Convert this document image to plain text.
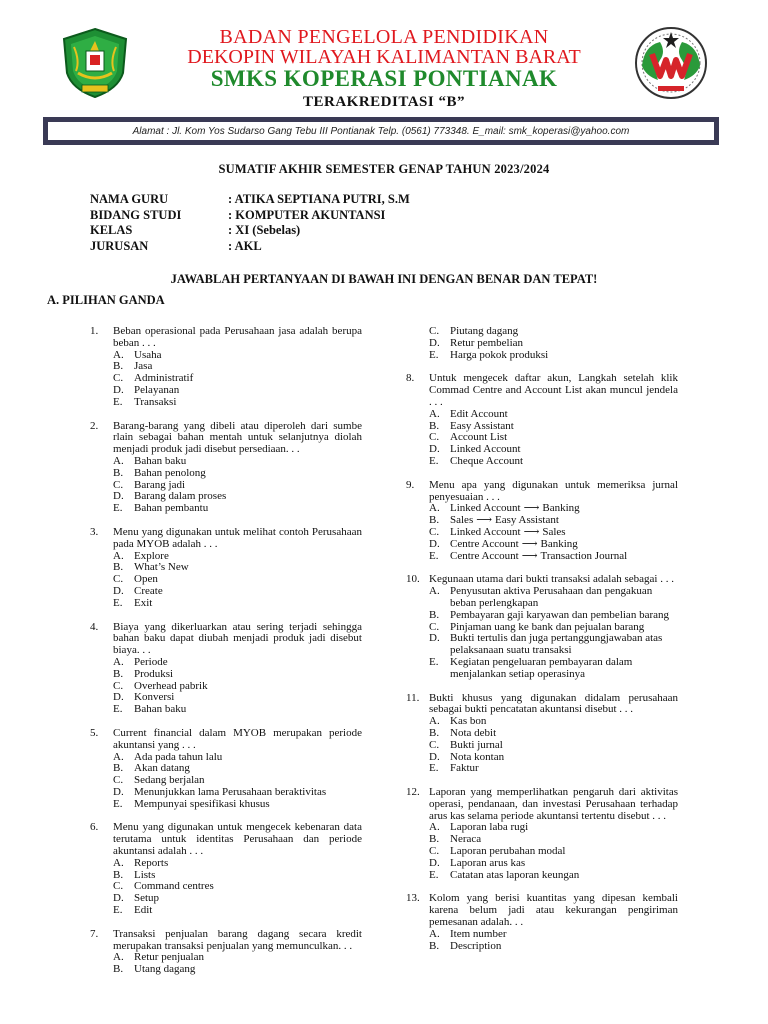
BADAN PENGELOLA PENDIDIKAN
DEKOPIN WILAYAH KALIMANTAN BARAT
SMKS KOPERASI PONTIANAK
TERAKREDITASI “B”
Alamat : Jl. Kom Yos Sudarso Gang Tebu III Pontianak Telp. (0561) 773348. E_mail: smk_koperasi@yahoo.com
SUMATIF AKHIR SEMESTER GENAP TAHUN 2023/2024
NAMA GURU	: ATIKA SEPTIANA PUTRI, S.M
BIDANG STUDI	: KOMPUTER AKUNTANSI
KELAS	: XI (Sebelas)
JURUSAN	: AKL
JAWABLAH PERTANYAAN DI BAWAH INI DENGAN BENAR DAN TEPAT!
A. PILIHAN GANDA
1. Beban operasional pada Perusahaan jasa adalah berupa beban . . .
A. Usaha
B. Jasa
C. Administratif
D. Pelayanan
E. Transaksi
2. Barang-barang yang dibeli atau diperoleh dari sumbe rlain sebagai bahan mentah untuk selanjutnya diolah menjadi produk jadi disebut persediaan. . .
A. Bahan baku
B. Bahan penolong
C. Barang jadi
D. Barang dalam proses
E. Bahan pembantu
3. Menu yang digunakan untuk melihat contoh Perusahaan pada MYOB adalah . . .
A. Explore
B. What’s New
C. Open
D. Create
E. Exit
4. Biaya yang dikerluarkan atau sering terjadi sehingga bahan baku dapat diubah menjadi produk jadi disebut biaya. . .
A. Periode
B. Produksi
C. Overhead pabrik
D. Konversi
E. Bahan baku
5. Current financial dalam MYOB merupakan periode akuntansi yang . . .
A. Ada pada tahun lalu
B. Akan datang
C. Sedang berjalan
D. Menunjukkan lama Perusahaan beraktivitas
E. Mempunyai spesifikasi khusus
6. Menu yang digunakan untuk mengecek kebenaran data terutama untuk identitas Perusahaan dan periode akuntansi adalah . . .
A. Reports
B. Lists
C. Command centres
D. Setup
E. Edit
7. Transaksi penjualan barang dagang secara kredit merupakan transaksi penjualan yang memunculkan. . .
A. Retur penjualan
B. Utang dagang
C. Piutang dagang
D. Retur pembelian
E. Harga pokok produksi
8. Untuk mengecek daftar akun, Langkah setelah klik Commad Centre and Account List akan muncul jendela . . .
A. Edit Account
B. Easy Assistant
C. Account List
D. Linked Account
E. Cheque Account
9. Menu apa yang digunakan untuk memeriksa jurnal penyesuaian . . .
A. Linked Account ⟶ Banking
B. Sales ⟶ Easy Assistant
C. Linked Account ⟶ Sales
D. Centre Account ⟶ Banking
E. Centre Account ⟶ Transaction Journal
10. Kegunaan utama dari bukti transaksi adalah sebagai . . .
A. Penyusutan aktiva Perusahaan dan pengakuan beban perlengkapan
B. Pembayaran gaji karyawan dan pembelian barang
C. Pinjaman uang ke bank dan pejualan barang
D. Bukti tertulis dan juga pertanggungjawaban atas pelaksanaan suatu transaksi
E. Kegiatan pengeluaran pembayaran dalam menjalankan setiap operasinya
11. Bukti khusus yang digunakan didalam perusahaan sebagai bukti pencatatan akuntansi disebut . . .
A. Kas bon
B. Nota debit
C. Bukti jurnal
D. Nota kontan
E. Faktur
12. Laporan yang memperlihatkan pengaruh dari aktivitas operasi, pendanaan, dan investasi Perusahaan terhadap arus kas selama periode akuntansi tertentu disebut . . .
A. Laporan laba rugi
B. Neraca
C. Laporan perubahan modal
D. Laporan arus kas
E. Catatan atas laporan keungan
13. Kolom yang berisi kuantitas yang dipesan kembali karena belum jadi atau kekurangan pengiriman pemesanan adalah. . .
A. Item number
B. Description
